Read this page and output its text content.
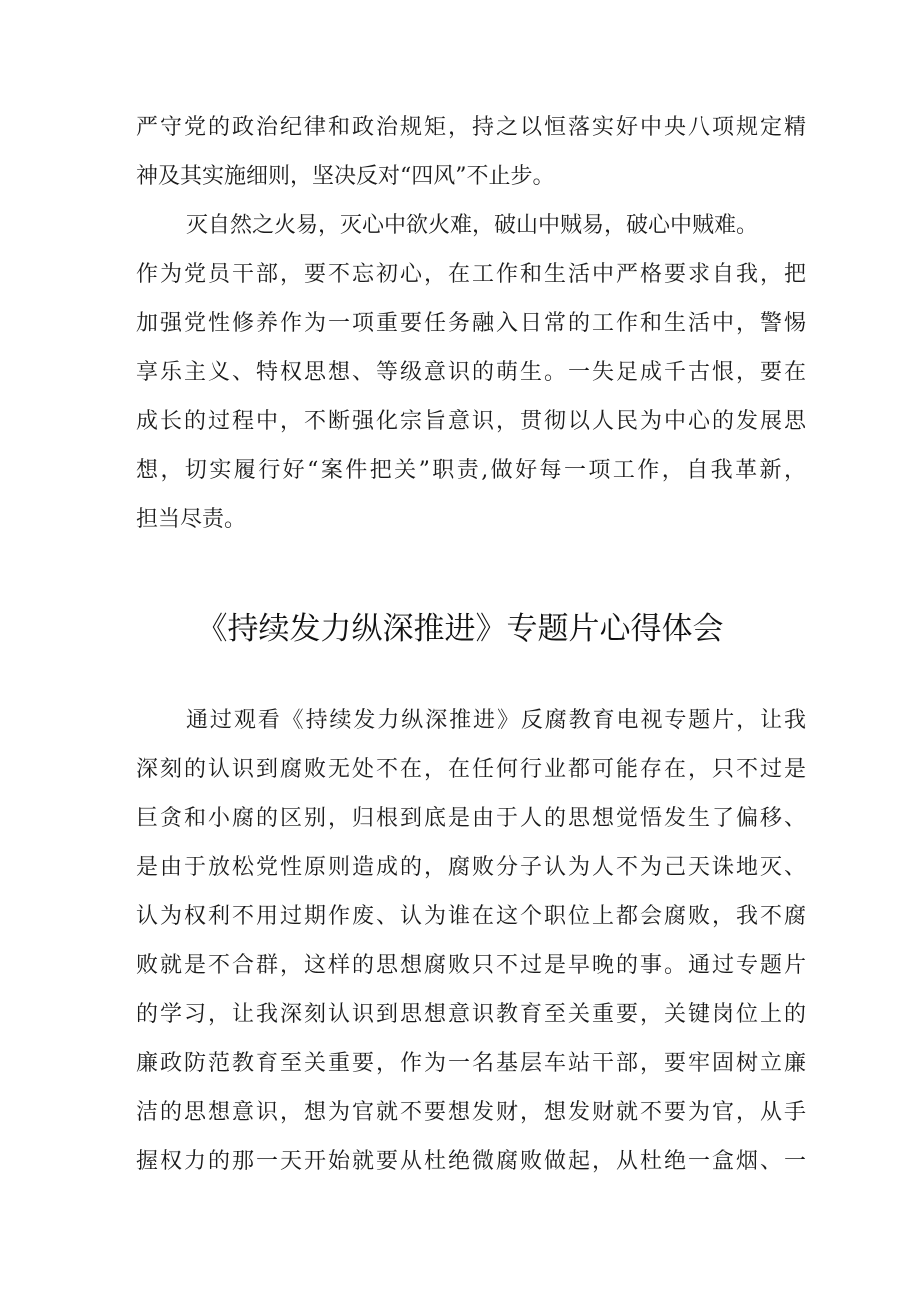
严守党的政治纪律和政治规矩，持之以恒落实好中央八项规定精
神及其实施细则，坚决反对“四风”不止步。
灭自然之火易，灭心中欲火难，破山中贼易，破心中贼难。
作为党员干部，要不忘初心，在工作和生活中严格要求自我，把
加强党性修养作为一项重要任务融入日常的工作和生活中，警惕
享乐主义、特权思想、等级意识的萌生。一失足成千古恨，要在
成长的过程中，不断强化宗旨意识，贯彻以人民为中心的发展思
想，切实履行好“案件把关”职责,做好每一项工作，自我革新，
担当尽责。
《持续发力纵深推进》专题片心得体会
通过观看《持续发力纵深推进》反腐教育电视专题片，让我
深刻的认识到腐败无处不在，在任何行业都可能存在，只不过是
巨贪和小腐的区别，归根到底是由于人的思想觉悟发生了偏移、
是由于放松党性原则造成的，腐败分子认为人不为己天诛地灭、
认为权利不用过期作废、认为谁在这个职位上都会腐败，我不腐
败就是不合群，这样的思想腐败只不过是早晚的事。通过专题片
的学习，让我深刻认识到思想意识教育至关重要，关键岗位上的
廉政防范教育至关重要，作为一名基层车站干部，要牢固树立廉
洁的思想意识，想为官就不要想发财，想发财就不要为官，从手
握权力的那一天开始就要从杜绝微腐败做起，从杜绝一盒烟、一
